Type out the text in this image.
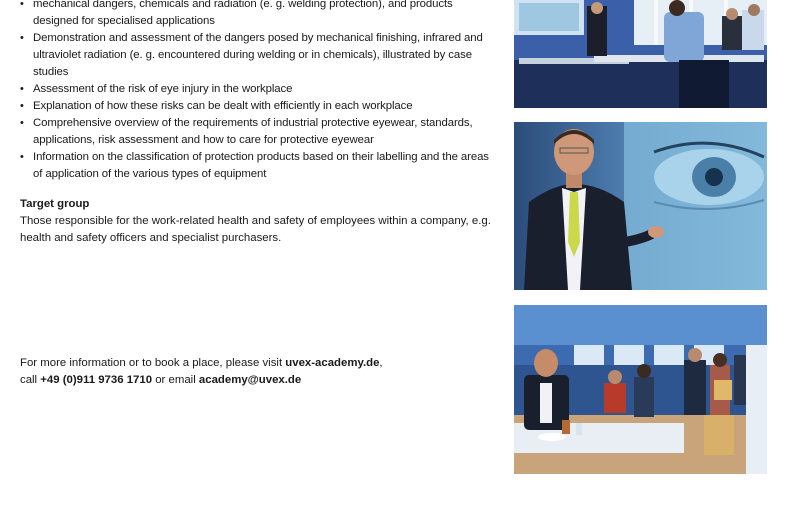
• mechanical dangers, chemicals and radiation (e. g. welding protection), and products designed for specialised applications
• Demonstration and assessment of the dangers posed by mechanical finishing, infrared and ultraviolet radiation (e. g. encountered during welding or in chemicals), illustrated by case studies
• Assessment of the risk of eye injury in the workplace
• Explanation of how these risks can be dealt with efficiently in each workplace
• Comprehensive overview of the requirements of industrial protective eyewear, standards, applications, risk assessment and how to care for protective eyewear
• Information on the classification of protection products based on their labelling and the areas of application of the various types of equipment
Target group

Those responsible for the work-related health and safety of employees within a company, e.g. health and safety officers and specialist purchasers.

For more information or to book a place, please visit uvex-academy.de,
call +49 (0)911 9736 1710 or email academy@uvex.de
